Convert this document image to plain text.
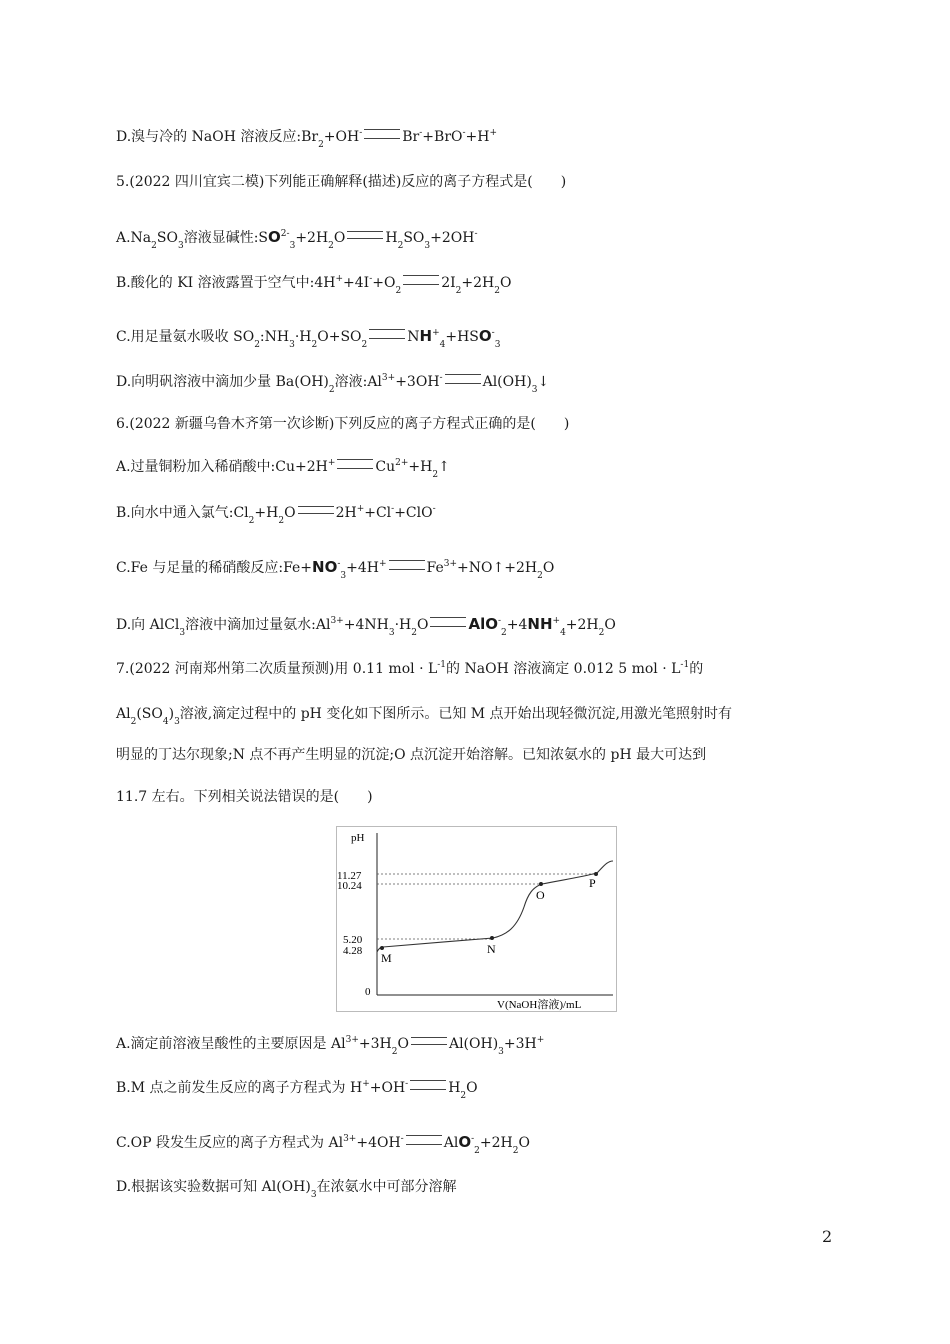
D.溴与冷的 NaOH 溶液反应$:Br_2+OH^-$	Br-+BrO-+H+
5.(2022 四川宜宾二模)下列能正确解释(描述)反应的离子方程式是(　　)
$A.Na_2SO_3$溶液显碱性$:SO^{2-}_3+2H_2O$	$H_2SO_3+2OH^-$
B.酸化的 KI 溶液露置于空气中$:4H^++4I^-+O_2$	$2I_2+2H_2O$
C.用足量氨水吸收 $SO_2:NH_3\cdot H_2O+SO_2$	$NH^+_4+HSO^-_3$
D.向明矾溶液中滴加少量 $Ba(OH)_2$溶液$:Al^{3+}+3OH^-$	$Al(OH)_3↓$
6.(2022 新疆乌鲁木齐第一次诊断)下列反应的离子方程式正确的是(　　)
A.过量铜粉加入稀硝酸中:Cu+2H+	$Cu^{2+}+H_2↑$
B.向水中通入氯气$:Cl_2+H_2O$	2H++Cl-+ClO-
C.Fe 与足量的稀硝酸反应$:Fe+NO^-_3+4H^+$	$Fe^{3+}+NO↑+2H_2O$
D.向 AlCl$_3$溶液中滴加过量氨水$:Al^{3+}+4NH_3\cdot H_2O$	$AlO^-_2+4NH^+_4+2H_2O$
7.(2022 河南郑州第二次质量预测)用 0.11 mol · $L^{-1}$的 NaOH 溶液滴定 0.012 5 mol · $L^{-1}$的
$Al_2(SO_4)_3$溶液,滴定过程中的 pH 变化如下图所示。已知 M 点开始出现轻微沉淀,用激光笔照射时有
明显的丁达尔现象;N 点不再产生明显的沉淀;O 点沉淀开始溶解。已知浓氨水的 pH 最大可达到
11.7 左右。下列相关说法错误的是(　　)
pH
11.27
10.24
5.20
4.28
0
M
N
O
P
V(NaOH溶液)/mL
A.滴定前溶液呈酸性的主要原因是 $Al^{3+}+3H_2O$	$Al(OH)_3+3H^+$
B.M 点之前发生反应的离子方程式为 H++OH-	$H_2O$
C.OP 段发生反应的离子方程式为 $Al^{3+}+4OH^-$	$AlO^-_2+2H_2O$
D.根据该实验数据可知 $Al(OH)_3$在浓氨水中可部分溶解
2
